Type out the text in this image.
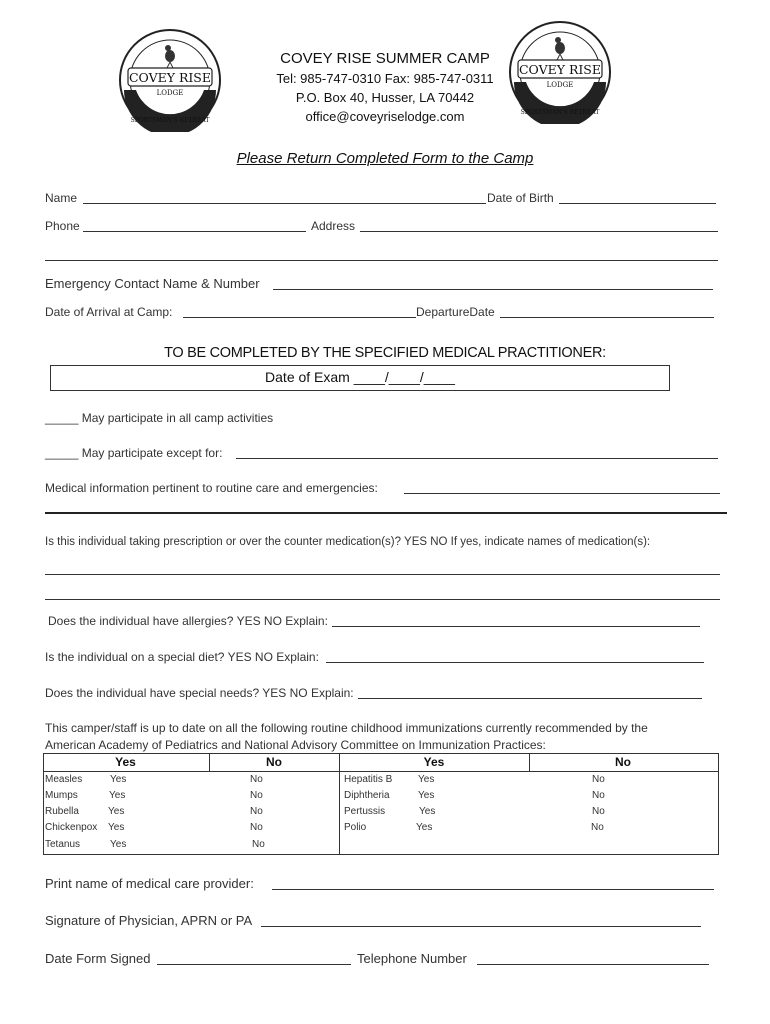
COVEY RISE
LODGE
SPORTSMAN'S RETREAT
COVEY RISE
LODGE
SPORTSMAN'S RETREAT
COVEY RISE SUMMER CAMP
Tel: 985-747-0310 Fax: 985-747-0311
P.O. Box 40, Husser, LA 70442
office@coveyriselodge.com
Please Return Completed Form to the Camp
Name	Date of Birth
Phone	Address
Emergency Contact Name & Number
Date of Arrival at Camp:	DepartureDate
TO BE COMPLETED BY THE SPECIFIED MEDICAL PRACTITIONER:
Date of Exam ____/____/____
_____ May participate in all camp activities
_____ May participate except for:
Medical information pertinent to routine care and emergencies:
Is this individual taking prescription or over the counter medication(s)? YES NO If yes, indicate names of medication(s):
Does the individual have allergies? YES NO Explain:
Is the individual on a special diet? YES NO Explain:
Does the individual have special needs? YES NO Explain:
This camper/staff is up to date on all the following routine childhood immunizations currently recommended by the
American Academy of Pediatrics and National Advisory Committee on Immunization Practices:
Yes	No	Yes	No
Measles	Yes	No
Mumps	Yes	No
Rubella	Yes	No
Chickenpox Yes	No
Tetanus	Yes	No
Hepatitis B	Yes	No
Diphtheria	Yes	No
Pertussis	Yes	No
Polio	Yes	No
Print name of medical care provider:
Signature of Physician, APRN or PA
Date Form Signed	Telephone Number
